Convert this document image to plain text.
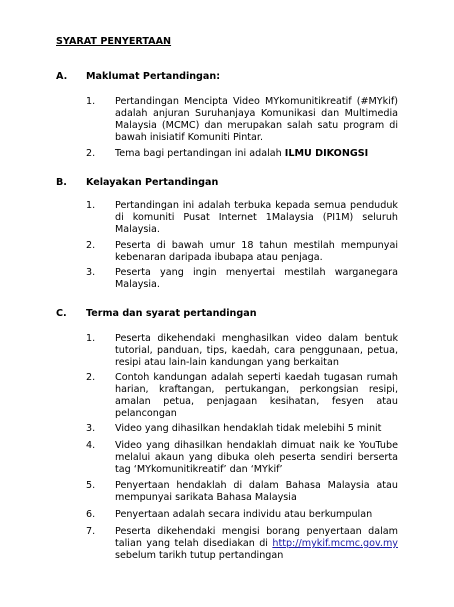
SYARAT PENYERTAAN
A. Maklumat Pertandingan:
1. Pertandingan Mencipta Video MYkomunitikreatif (#MYkif) adalah anjuran Suruhanjaya Komunikasi dan Multimedia Malaysia (MCMC) dan merupakan salah satu program di bawah inisiatif Komuniti Pintar.
2. Tema bagi pertandingan ini adalah ILMU DIKONGSI
B. Kelayakan Pertandingan
1. Pertandingan ini adalah terbuka kepada semua penduduk di komuniti Pusat Internet 1Malaysia (PI1M) seluruh Malaysia.
2. Peserta di bawah umur 18 tahun mestilah mempunyai kebenaran daripada ibubapa atau penjaga.
3. Peserta yang ingin menyertai mestilah warganegara Malaysia.
C. Terma dan syarat pertandingan
1. Peserta dikehendaki menghasilkan video dalam bentuk tutorial, panduan, tips, kaedah, cara penggunaan, petua, resipi atau lain-lain kandungan yang berkaitan
2. Contoh kandungan adalah seperti kaedah tugasan rumah harian, kraftangan, pertukangan, perkongsian resipi, amalan petua, penjagaan kesihatan, fesyen atau pelancongan
3. Video yang dihasilkan hendaklah tidak melebihi 5 minit
4. Video yang dihasilkan hendaklah dimuat naik ke YouTube melalui akaun yang dibuka oleh peserta sendiri berserta tag ‘MYkomunitikreatif’ dan ‘MYkif’
5. Penyertaan hendaklah di dalam Bahasa Malaysia atau mempunyai sarikata Bahasa Malaysia
6. Penyertaan adalah secara individu atau berkumpulan
7. Peserta dikehendaki mengisi borang penyertaan dalam talian yang telah disediakan di http://mykif.mcmc.gov.my sebelum tarikh tutup pertandingan
